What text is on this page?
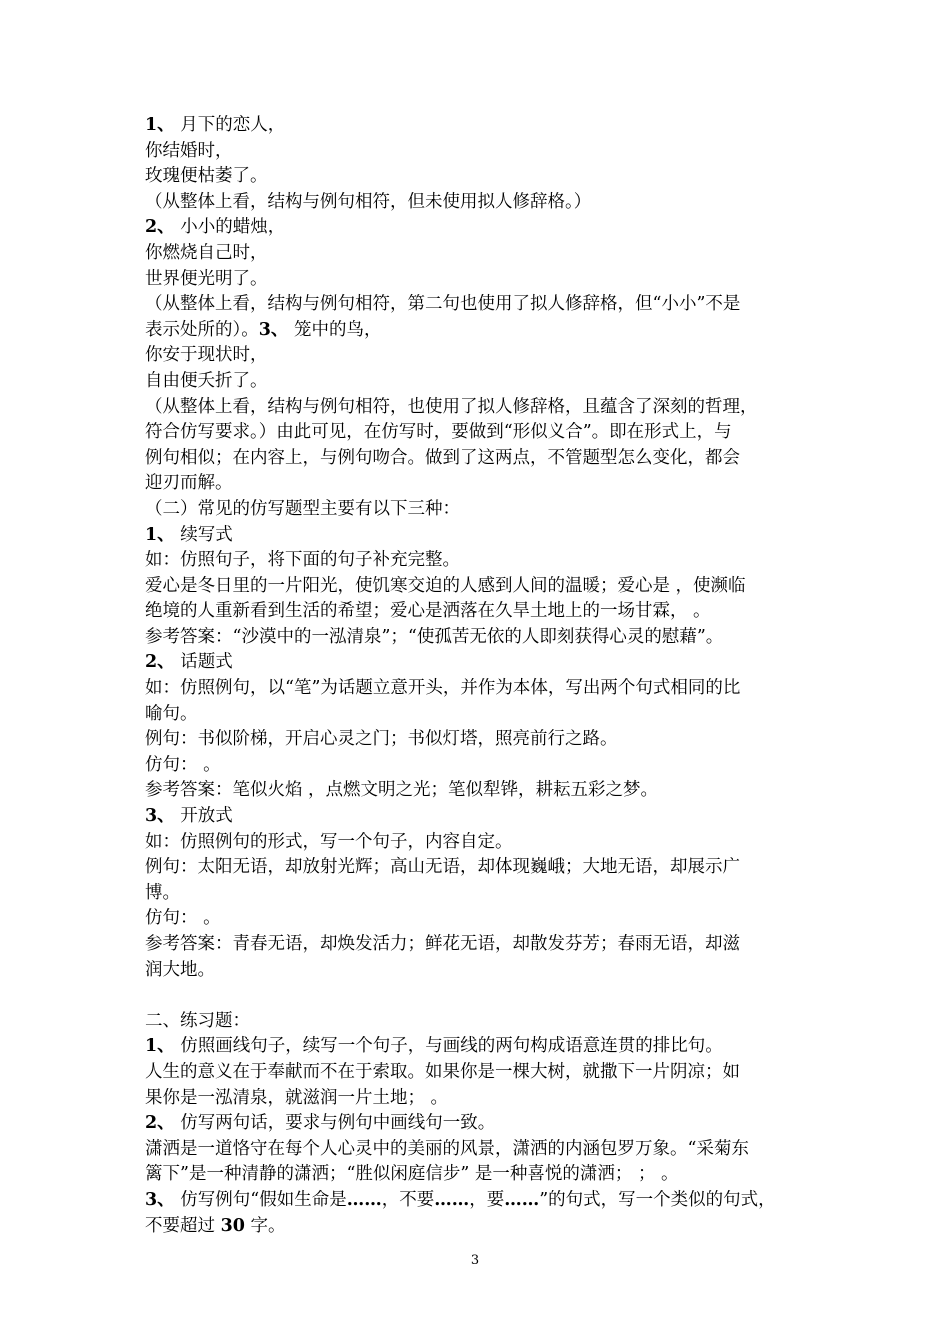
1、 月下的恋人，
你结婚时，
玫瑰便枯萎了。
（从整体上看，结构与例句相符，但未使用拟人修辞格。）
2、 小小的蜡烛，
你燃烧自己时，
世界便光明了。
（从整体上看，结构与例句相符，第二句也使用了拟人修辞格，但“小小”不是
表示处所的）。3、 笼中的鸟，
你安于现状时，
自由便夭折了。
（从整体上看，结构与例句相符，也使用了拟人修辞格，且蕴含了深刻的哲理，
符合仿写要求。）由此可见，在仿写时，要做到“形似义合”。即在形式上，与
例句相似；在内容上，与例句吻合。做到了这两点，不管题型怎么变化，都会
迎刃而解。
（二）常见的仿写题型主要有以下三种：
1、 续写式
如：仿照句子，将下面的句子补充完整。
爱心是冬日里的一片阳光，使饥寒交迫的人感到人间的温暖；爱心是 ，使濒临
绝境的人重新看到生活的希望；爱心是洒落在久旱土地上的一场甘霖， 。
参考答案：“沙漠中的一泓清泉”；“使孤苦无依的人即刻获得心灵的慰藉”。
2、 话题式
如：仿照例句，以“笔”为话题立意开头，并作为本体，写出两个句式相同的比
喻句。
例句：书似阶梯，开启心灵之门；书似灯塔，照亮前行之路。
仿句： 。
参考答案：笔似火焰 ，点燃文明之光；笔似犁铧，耕耘五彩之梦。
3、 开放式
如：仿照例句的形式，写一个句子，内容自定。
例句：太阳无语，却放射光辉；高山无语，却体现巍峨；大地无语，却展示广
博。
仿句： 。
参考答案：青春无语，却焕发活力；鲜花无语，却散发芬芳；春雨无语，却滋
润大地。
二、练习题：
1、 仿照画线句子，续写一个句子，与画线的两句构成语意连贯的排比句。
人生的意义在于奉献而不在于索取。如果你是一棵大树，就撒下一片阴凉；如
果你是一泓清泉，就滋润一片土地； 。
2、 仿写两句话，要求与例句中画线句一致。
潇洒是一道恪守在每个人心灵中的美丽的风景，潇洒的内涵包罗万象。“采菊东
篱下”是一种清静的潇洒；“胜似闲庭信步” 是一种喜悦的潇洒； ； 。
3、 仿写例句“假如生命是……，不要……，要……”的句式，写一个类似的句式，
不要超过 30 字。
3
